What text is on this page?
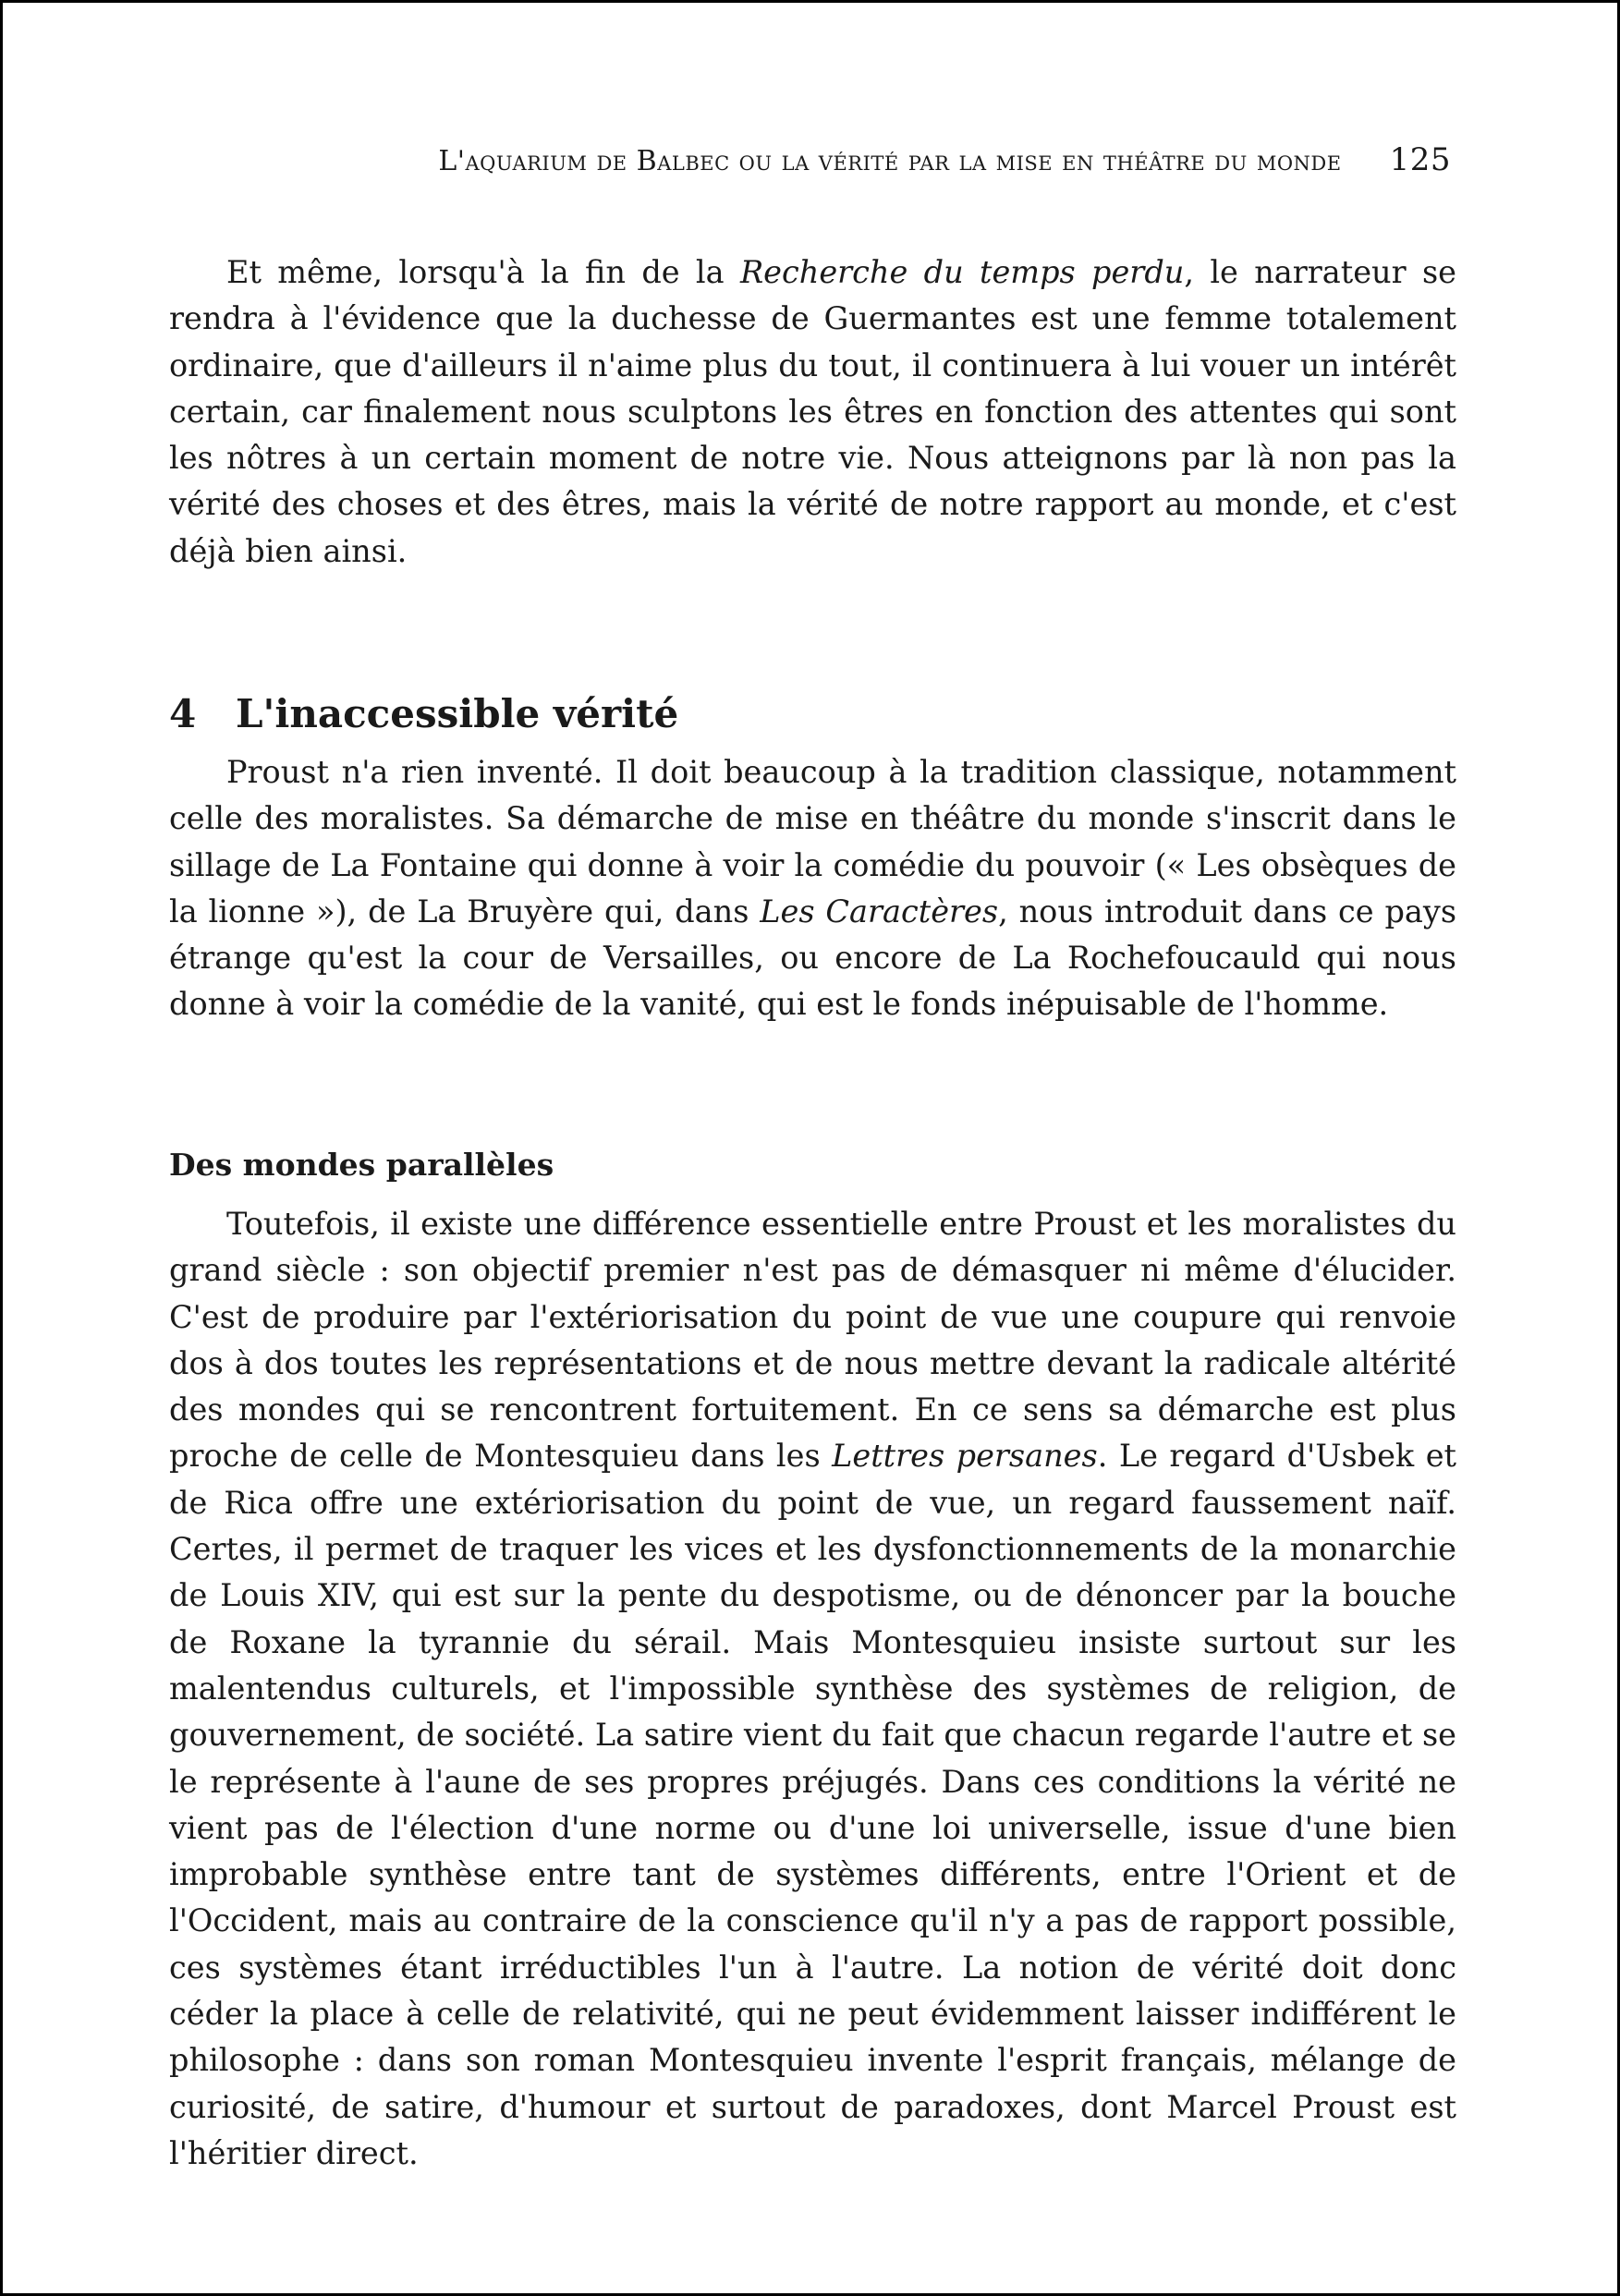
L'aquarium de Balbec ou la vérité par la mise en théâtre du monde 125

Et même, lorsqu'à la fin de la Recherche du temps perdu, le narrateur se rendra à l'évidence que la duchesse de Guermantes est une femme totalement ordinaire, que d'ailleurs il n'aime plus du tout, il continuera à lui vouer un intérêt certain, car finalement nous sculptons les êtres en fonction des attentes qui sont les nôtres à un certain moment de notre vie. Nous atteignons par là non pas la vérité des choses et des êtres, mais la vérité de notre rapport au monde, et c'est déjà bien ainsi.

4	L'inaccessible vérité

Proust n'a rien inventé. Il doit beaucoup à la tradition classique, notamment celle des moralistes. Sa démarche de mise en théâtre du monde s'inscrit dans le sillage de La Fontaine qui donne à voir la comédie du pouvoir (« Les obsèques de la lionne »), de La Bruyère qui, dans Les Caractères, nous introduit dans ce pays étrange qu'est la cour de Versailles, ou encore de La Rochefoucauld qui nous donne à voir la comédie de la vanité, qui est le fonds inépuisable de l'homme.

Des mondes parallèles

Toutefois, il existe une différence essentielle entre Proust et les moralistes du grand siècle : son objectif premier n'est pas de démasquer ni même d'élucider. C'est de produire par l'extériorisation du point de vue une coupure qui renvoie dos à dos toutes les représentations et de nous mettre devant la radicale altérité des mondes qui se rencontrent fortuitement. En ce sens sa démarche est plus proche de celle de Montesquieu dans les Lettres persanes. Le regard d'Usbek et de Rica offre une extériorisation du point de vue, un regard faussement naïf. Certes, il permet de traquer les vices et les dysfonctionnements de la monarchie de Louis XIV, qui est sur la pente du despotisme, ou de dénoncer par la bouche de Roxane la tyrannie du sérail. Mais Montesquieu insiste surtout sur les malentendus culturels, et l'impossible synthèse des systèmes de religion, de gouvernement, de société. La satire vient du fait que chacun regarde l'autre et se le représente à l'aune de ses propres préjugés. Dans ces conditions la vérité ne vient pas de l'élection d'une norme ou d'une loi universelle, issue d'une bien improbable synthèse entre tant de systèmes différents, entre l'Orient et de l'Occident, mais au contraire de la conscience qu'il n'y a pas de rapport possible, ces systèmes étant irréductibles l'un à l'autre. La notion de vérité doit donc céder la place à celle de relativité, qui ne peut évidemment laisser indifférent le philosophe : dans son roman Montesquieu invente l'esprit français, mélange de curiosité, de satire, d'humour et surtout de paradoxes, dont Marcel Proust est l'héritier direct.
